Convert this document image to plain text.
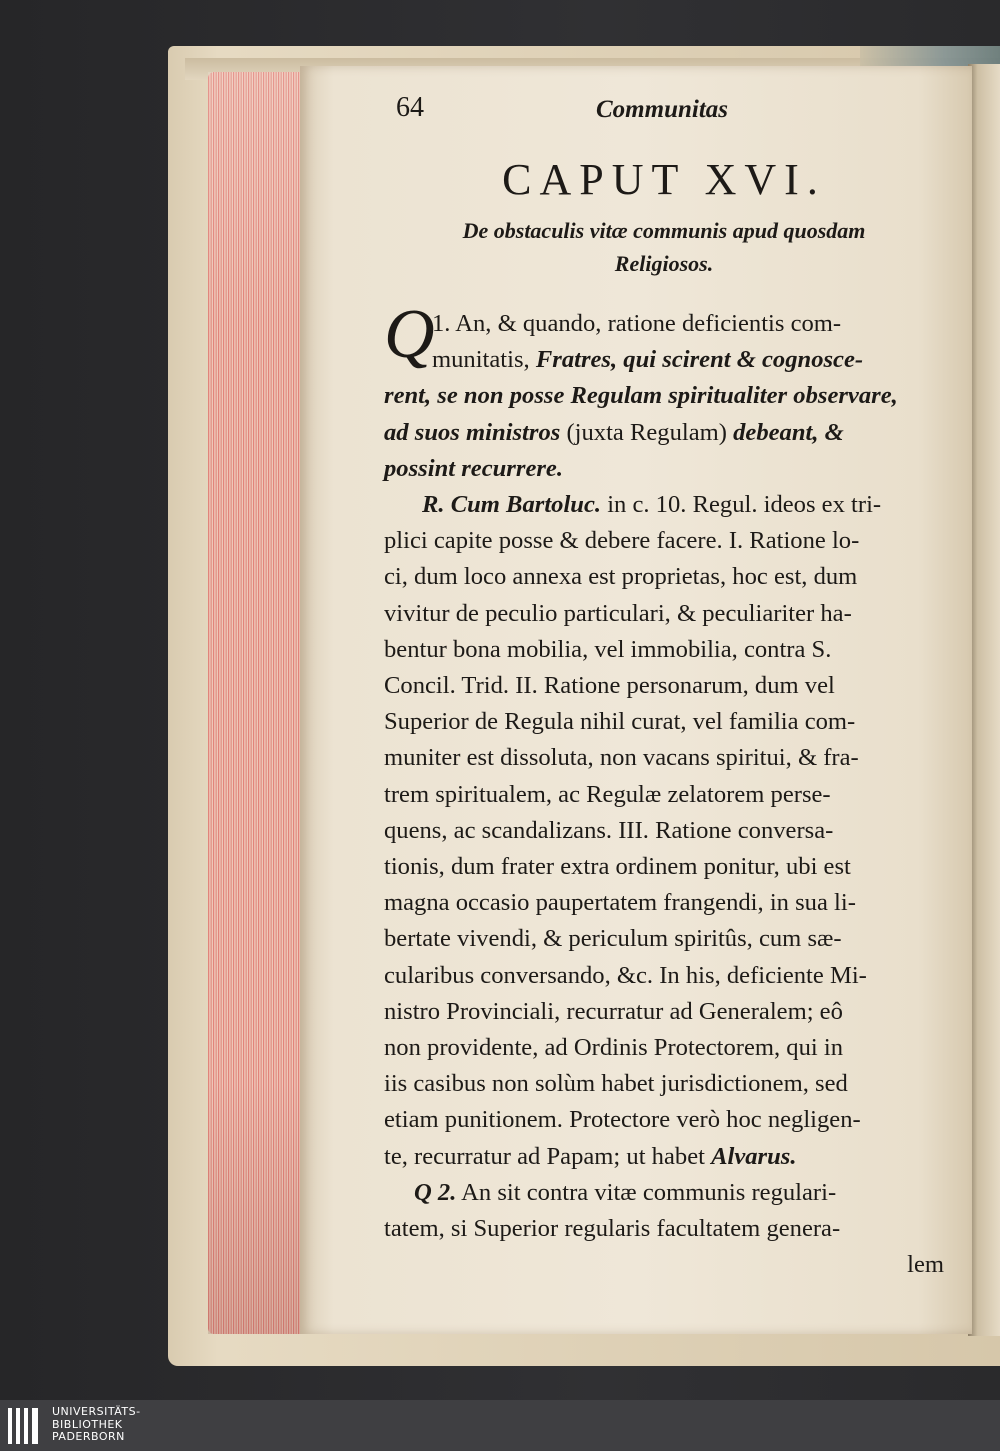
64	Communitas
CAPUT XVI.
De obstaculis vitæ communis apud quosdam
Religiosos.
Q
1. An, & quando, ratione deficientis com-
munitatis, Fratres, qui scirent & cognosce-
rent, se non posse Regulam spiritualiter observare,
ad suos ministros (juxta Regulam) debeant, &
possint recurrere.
R. Cum Bartoluc. in c. 10. Regul. ideos ex tri-
plici capite posse & debere facere. I. Ratione lo-
ci, dum loco annexa est proprietas, hoc est, dum
vivitur de peculio particulari, & peculiariter ha-
bentur bona mobilia, vel immobilia, contra S.
Concil. Trid. II. Ratione personarum, dum vel
Superior de Regula nihil curat, vel familia com-
muniter est dissoluta, non vacans spiritui, & fra-
trem spiritualem, ac Regulæ zelatorem perse-
quens, ac scandalizans. III. Ratione conversa-
tionis, dum frater extra ordinem ponitur, ubi est
magna occasio paupertatem frangendi, in sua li-
bertate vivendi, & periculum spiritûs, cum sæ-
cularibus conversando, &c. In his, deficiente Mi-
nistro Provinciali, recurratur ad Generalem; eô
non providente, ad Ordinis Protectorem, qui in
iis casibus non solùm habet jurisdictionem, sed
etiam punitionem. Protectore verò hoc negligen-
te, recurratur ad Papam; ut habet Alvarus.
Q 2. An sit contra vitæ communis regulari-
tatem, si Superior regularis facultatem genera-
lem
UNIVERSITÄTS-
BIBLIOTHEK
PADERBORN
